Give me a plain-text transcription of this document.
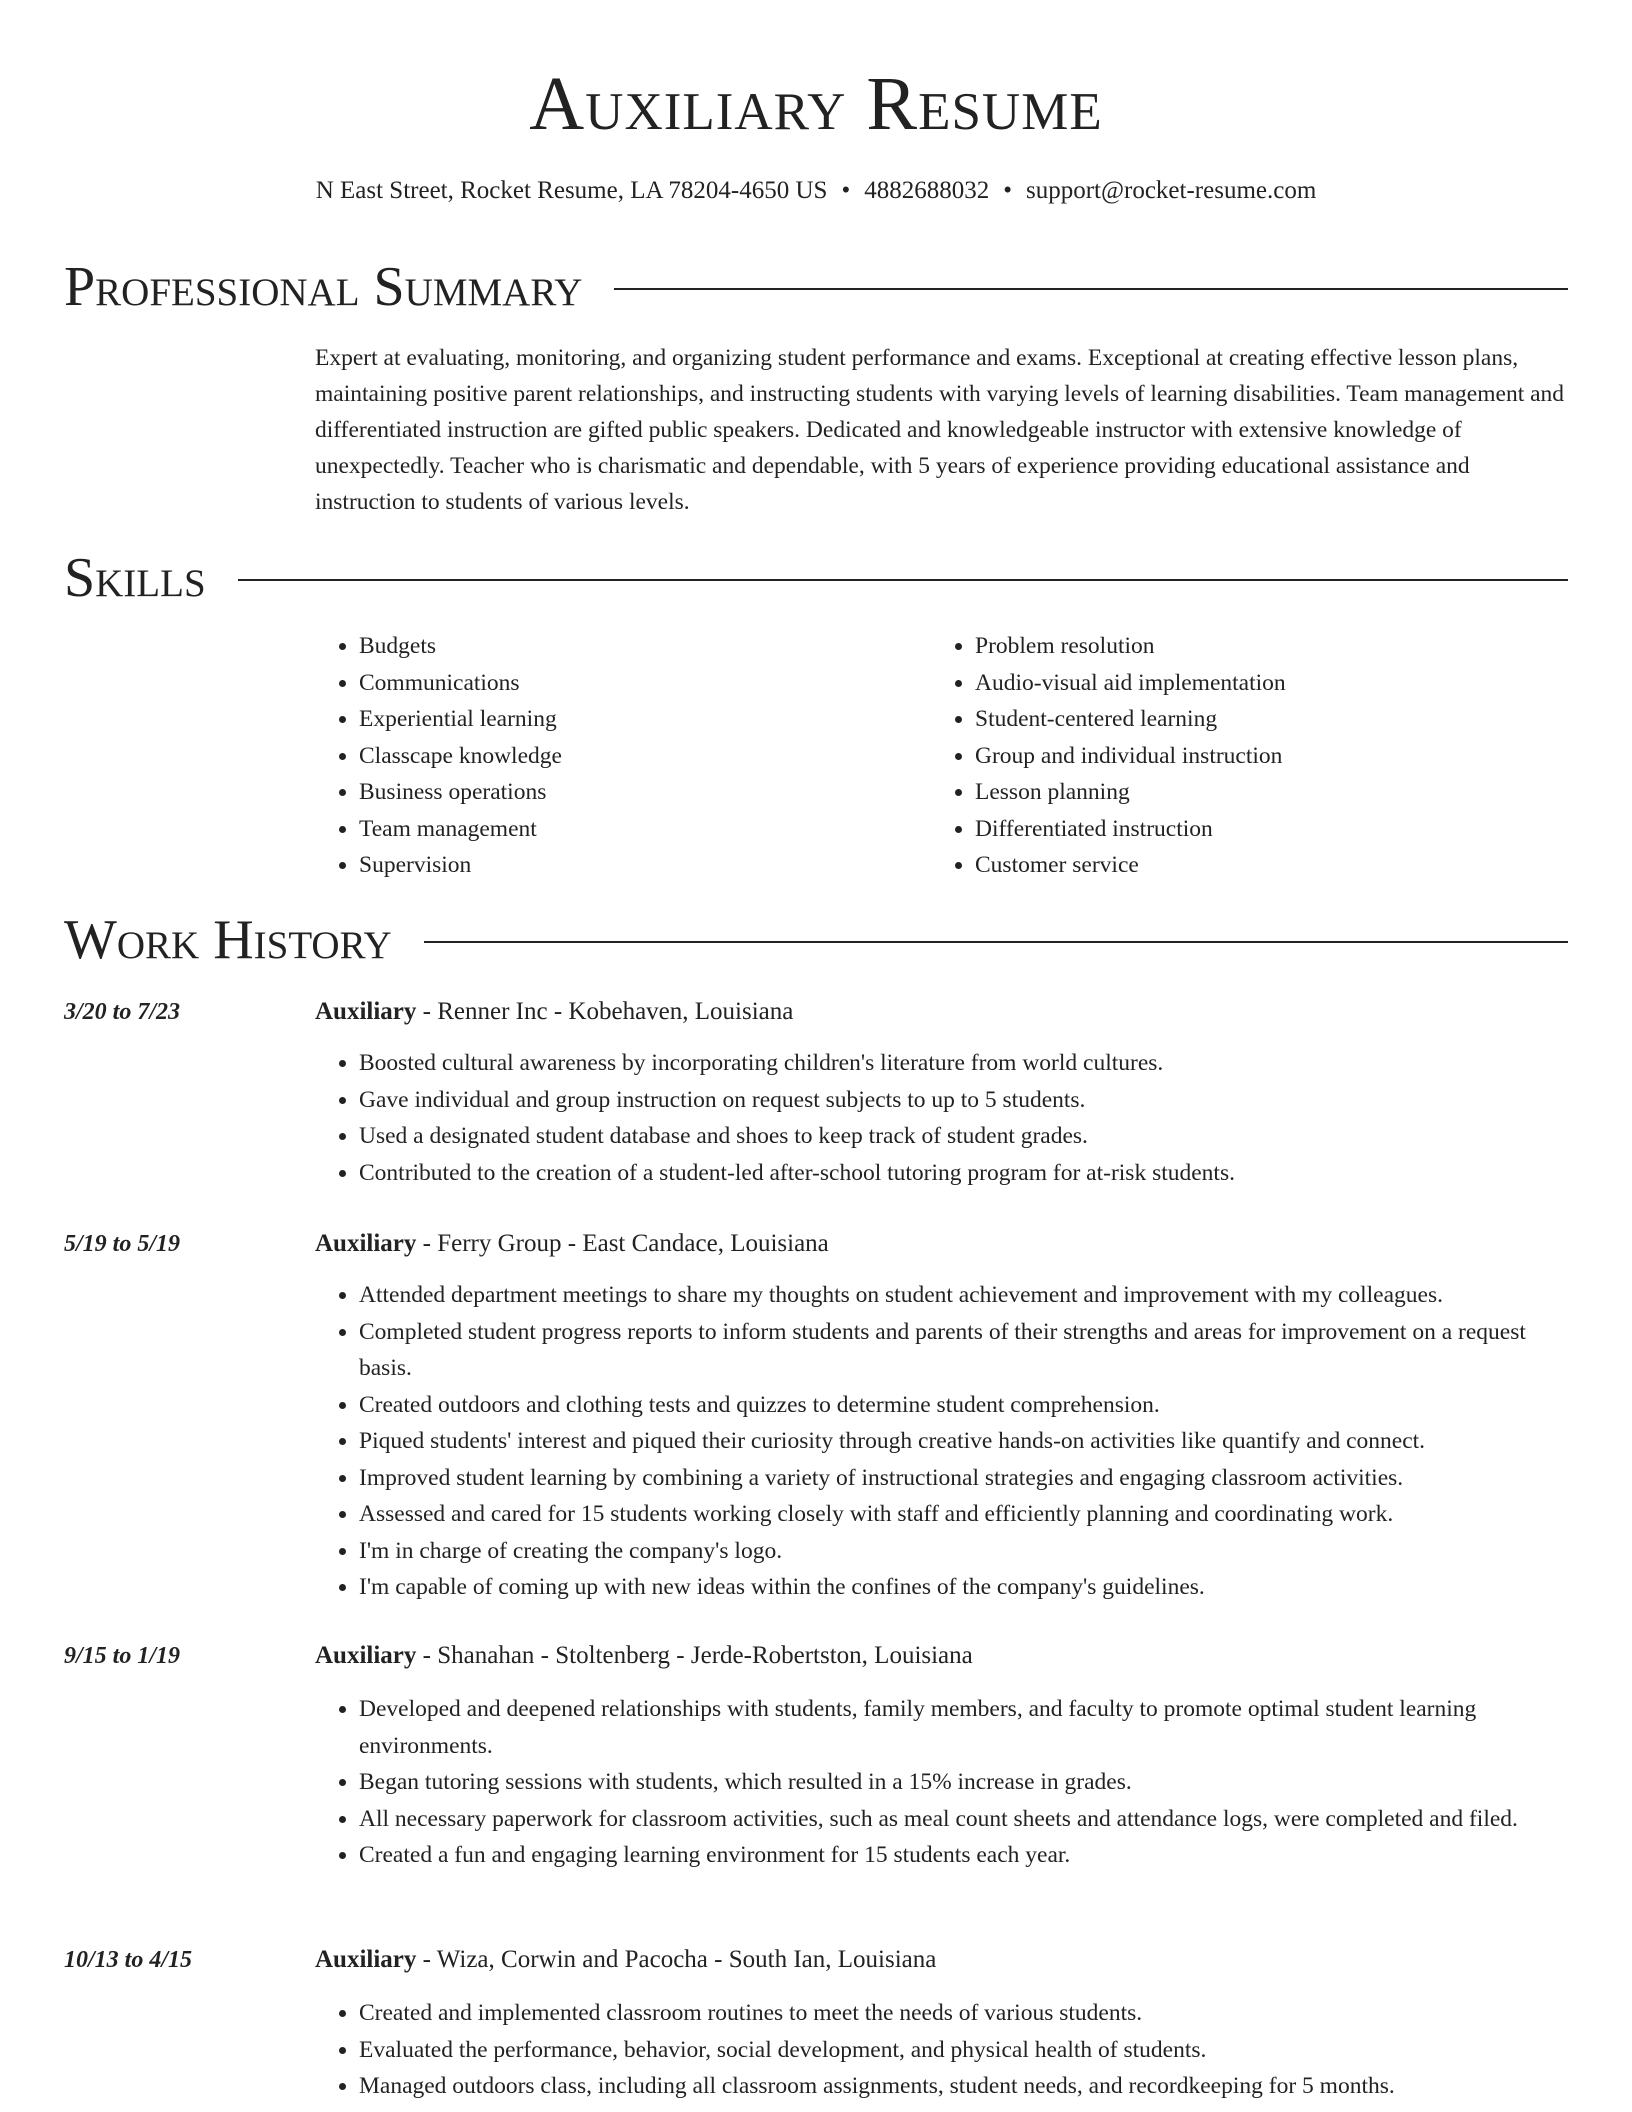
Auxiliary Resume
N East Street, Rocket Resume, LA 78204-4650 US • 4882688032 • support@rocket-resume.com
Professional Summary

Expert at evaluating, monitoring, and organizing student performance and exams. Exceptional at creating effective lesson plans, maintaining positive parent relationships, and instructing students with varying levels of learning disabilities. Team management and differentiated instruction are gifted public speakers. Dedicated and knowledgeable instructor with extensive knowledge of unexpectedly. Teacher who is charismatic and dependable, with 5 years of experience providing educational assistance and instruction to students of various levels.

Skills
• Budgets
• Communications
• Experiential learning
• Classcape knowledge
• Business operations
• Team management
• Supervision
• Problem resolution
• Audio-visual aid implementation
• Student-centered learning
• Group and individual instruction
• Lesson planning
• Differentiated instruction
• Customer service
Work History
3/20 to 7/23	Auxiliary - Renner Inc - Kobehaven, Louisiana
• Boosted cultural awareness by incorporating children's literature from world cultures.
• Gave individual and group instruction on request subjects to up to 5 students.
• Used a designated student database and shoes to keep track of student grades.
• Contributed to the creation of a student-led after-school tutoring program for at-risk students.
5/19 to 5/19	Auxiliary - Ferry Group - East Candace, Louisiana
• Attended department meetings to share my thoughts on student achievement and improvement with my colleagues.
• Completed student progress reports to inform students and parents of their strengths and areas for improvement on a request basis.
• Created outdoors and clothing tests and quizzes to determine student comprehension.
• Piqued students' interest and piqued their curiosity through creative hands-on activities like quantify and connect.
• Improved student learning by combining a variety of instructional strategies and engaging classroom activities.
• Assessed and cared for 15 students working closely with staff and efficiently planning and coordinating work.
• I'm in charge of creating the company's logo.
• I'm capable of coming up with new ideas within the confines of the company's guidelines.
9/15 to 1/19	Auxiliary - Shanahan - Stoltenberg - Jerde-Robertston, Louisiana
• Developed and deepened relationships with students, family members, and faculty to promote optimal student learning environments.
• Began tutoring sessions with students, which resulted in a 15% increase in grades.
• All necessary paperwork for classroom activities, such as meal count sheets and attendance logs, were completed and filed.
• Created a fun and engaging learning environment for 15 students each year.
10/13 to 4/15	Auxiliary - Wiza, Corwin and Pacocha - South Ian, Louisiana
• Created and implemented classroom routines to meet the needs of various students.
• Evaluated the performance, behavior, social development, and physical health of students.
• Managed outdoors class, including all classroom assignments, student needs, and recordkeeping for 5 months.
